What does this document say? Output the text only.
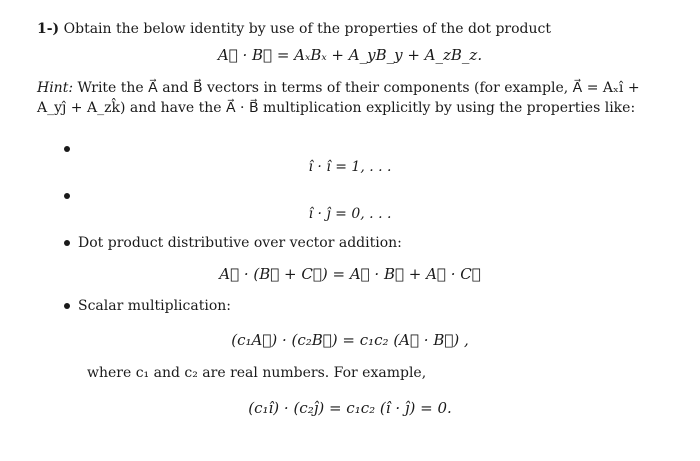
1-) Obtain the below identity by use of the properties of the dot product
A⃗ · B⃗ = AₓBₓ + A_yB_y + A_zB_z.
Hint: Write the A⃗ and B⃗ vectors in terms of their components (for example, A⃗ = Aₓî +
A_yĵ + A_zk̂) and have the A⃗ · B⃗ multiplication explicitly by using the properties like:
î · î = 1, . . .
î · ĵ = 0, . . .
Dot product distributive over vector addition:
A⃗ · (B⃗ + C⃗) = A⃗ · B⃗ + A⃗ · C⃗
Scalar multiplication:
(c₁A⃗) · (c₂B⃗) = c₁c₂ (A⃗ · B⃗) ,
where c₁ and c₂ are real numbers. For example,
(c₁î) · (c₂ĵ) = c₁c₂ (î · ĵ) = 0.
